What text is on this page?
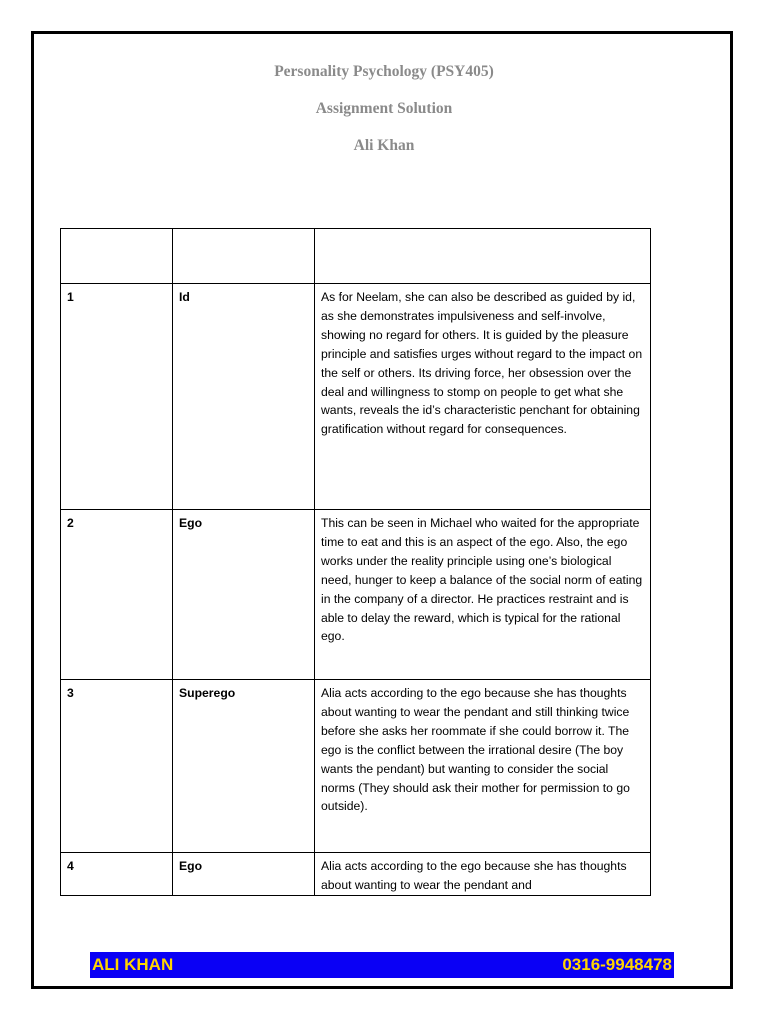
Personality Psychology (PSY405)
Assignment Solution
Ali Khan

1	Id	As for Neelam, she can also be described as guided by id, as she demonstrates impulsiveness and self-involve, showing no regard for others. It is guided by the pleasure principle and satisfies urges without regard to the impact on the self or others. Its driving force, her obsession over the deal and willingness to stomp on people to get what she wants, reveals the id’s characteristic penchant for obtaining gratification without regard for consequences.
2	Ego	This can be seen in Michael who waited for the appropriate time to eat and this is an aspect of the ego. Also, the ego works under the reality principle using one’s biological need, hunger to keep a balance of the social norm of eating in the company of a director. He practices restraint and is able to delay the reward, which is typical for the rational ego.
3	Superego	Alia acts according to the ego because she has thoughts about wanting to wear the pendant and still thinking twice before she asks her roommate if she could borrow it. The ego is the conflict between the irrational desire (The boy wants the pendant) but wanting to consider the social norms (They should ask their mother for permission to go outside).
4	Ego	Alia acts according to the ego because she has thoughts about wanting to wear the pendant and
ALI KHAN	0316-9948478
